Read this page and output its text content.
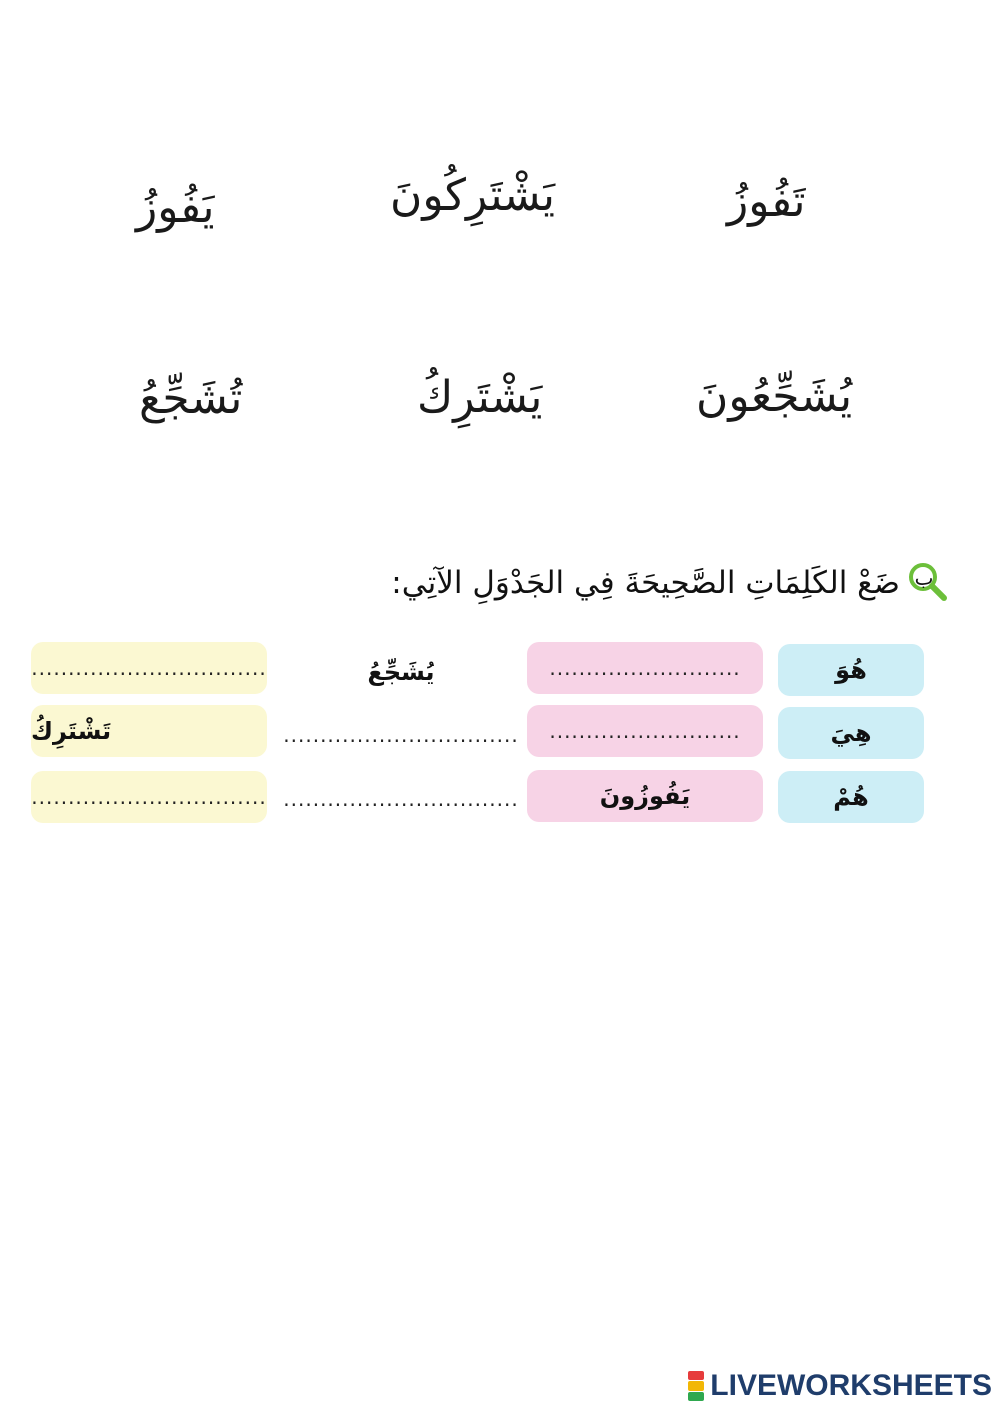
تَفُوزُ
يَشْتَرِكُونَ
يَفُوزُ
يُشَجِّعُونَ
يَشْتَرِكُ
تُشَجِّعُ
ب
ضَعْ الكَلِمَاتِ الصَّحِيحَةَ فِي الجَدْوَلِ الآتِي:
هُوَ
..........................
يُشَجِّعُ
................................
هِيَ
..........................
................................
تَشْتَرِكُ
هُمْ
يَفُوزُونَ
................................
................................
LIVEWORKSHEETS
